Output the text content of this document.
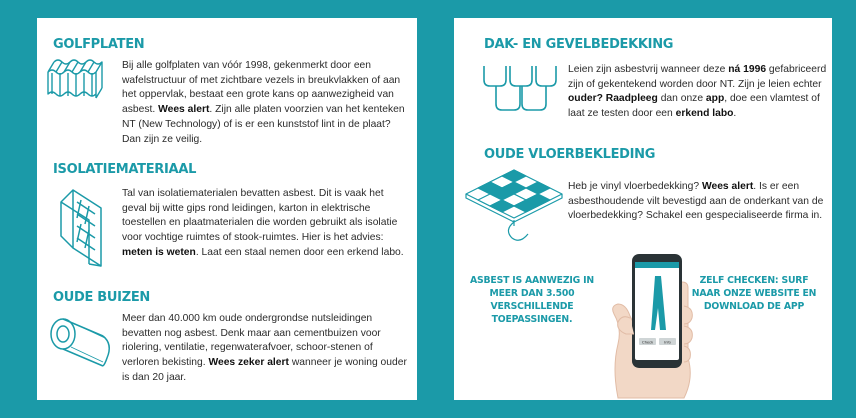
GOLFPLATEN

Bij alle golfplaten van vóór 1998, gekenmerkt door een wafelstructuur of met zichtbare vezels in breukvlakken of aan het oppervlak, bestaat een grote kans op aanwezigheid van asbest. Wees alert. Zijn alle platen voorzien van het kenteken NT (New Technology) of is er een kunststof lint in de plaat? Dan zijn ze veilig.

ISOLATIEMATERIAAL

Tal van isolatiematerialen bevatten asbest. Dit is vaak het geval bij witte gips rond leidingen, karton in elektrische toestellen en plaatmaterialen die worden gebruikt als isolatie voor vochtige ruimtes of stook-ruimtes. Hier is het advies: meten is weten. Laat een staal nemen door een erkend labo.

OUDE BUIZEN

Meer dan 40.000 km oude ondergrondse nutsleidingen bevatten nog asbest. Denk maar aan cementbuizen voor riolering, ventilatie, regenwaterafvoer, schoor-stenen of verloren bekisting. Wees zeker alert wanneer je woning ouder is dan 20 jaar.

DAK- EN GEVELBEDEKKING

Leien zijn asbestvrij wanneer deze ná 1996 gefabriceerd zijn of gekentekend worden door NT. Zijn je leien echter ouder? Raadpleeg dan onze app, doe een vlamtest of laat ze testen door een erkend labo.

OUDE VLOERBEKLEDING

Heb je vinyl vloerbedekking? Wees alert. Is er een asbesthoudende vilt bevestigd aan de onderkant van de vloerbedekking? Schakel een gespecialiseerde firma in.

ASBEST IS AANWEZIG IN MEER DAN 3.500 VERSCHILLENDE TOEPASSINGEN.

ZELF CHECKEN: SURF NAAR ONZE WEBSITE EN DOWNLOAD DE APP

Check	Info
